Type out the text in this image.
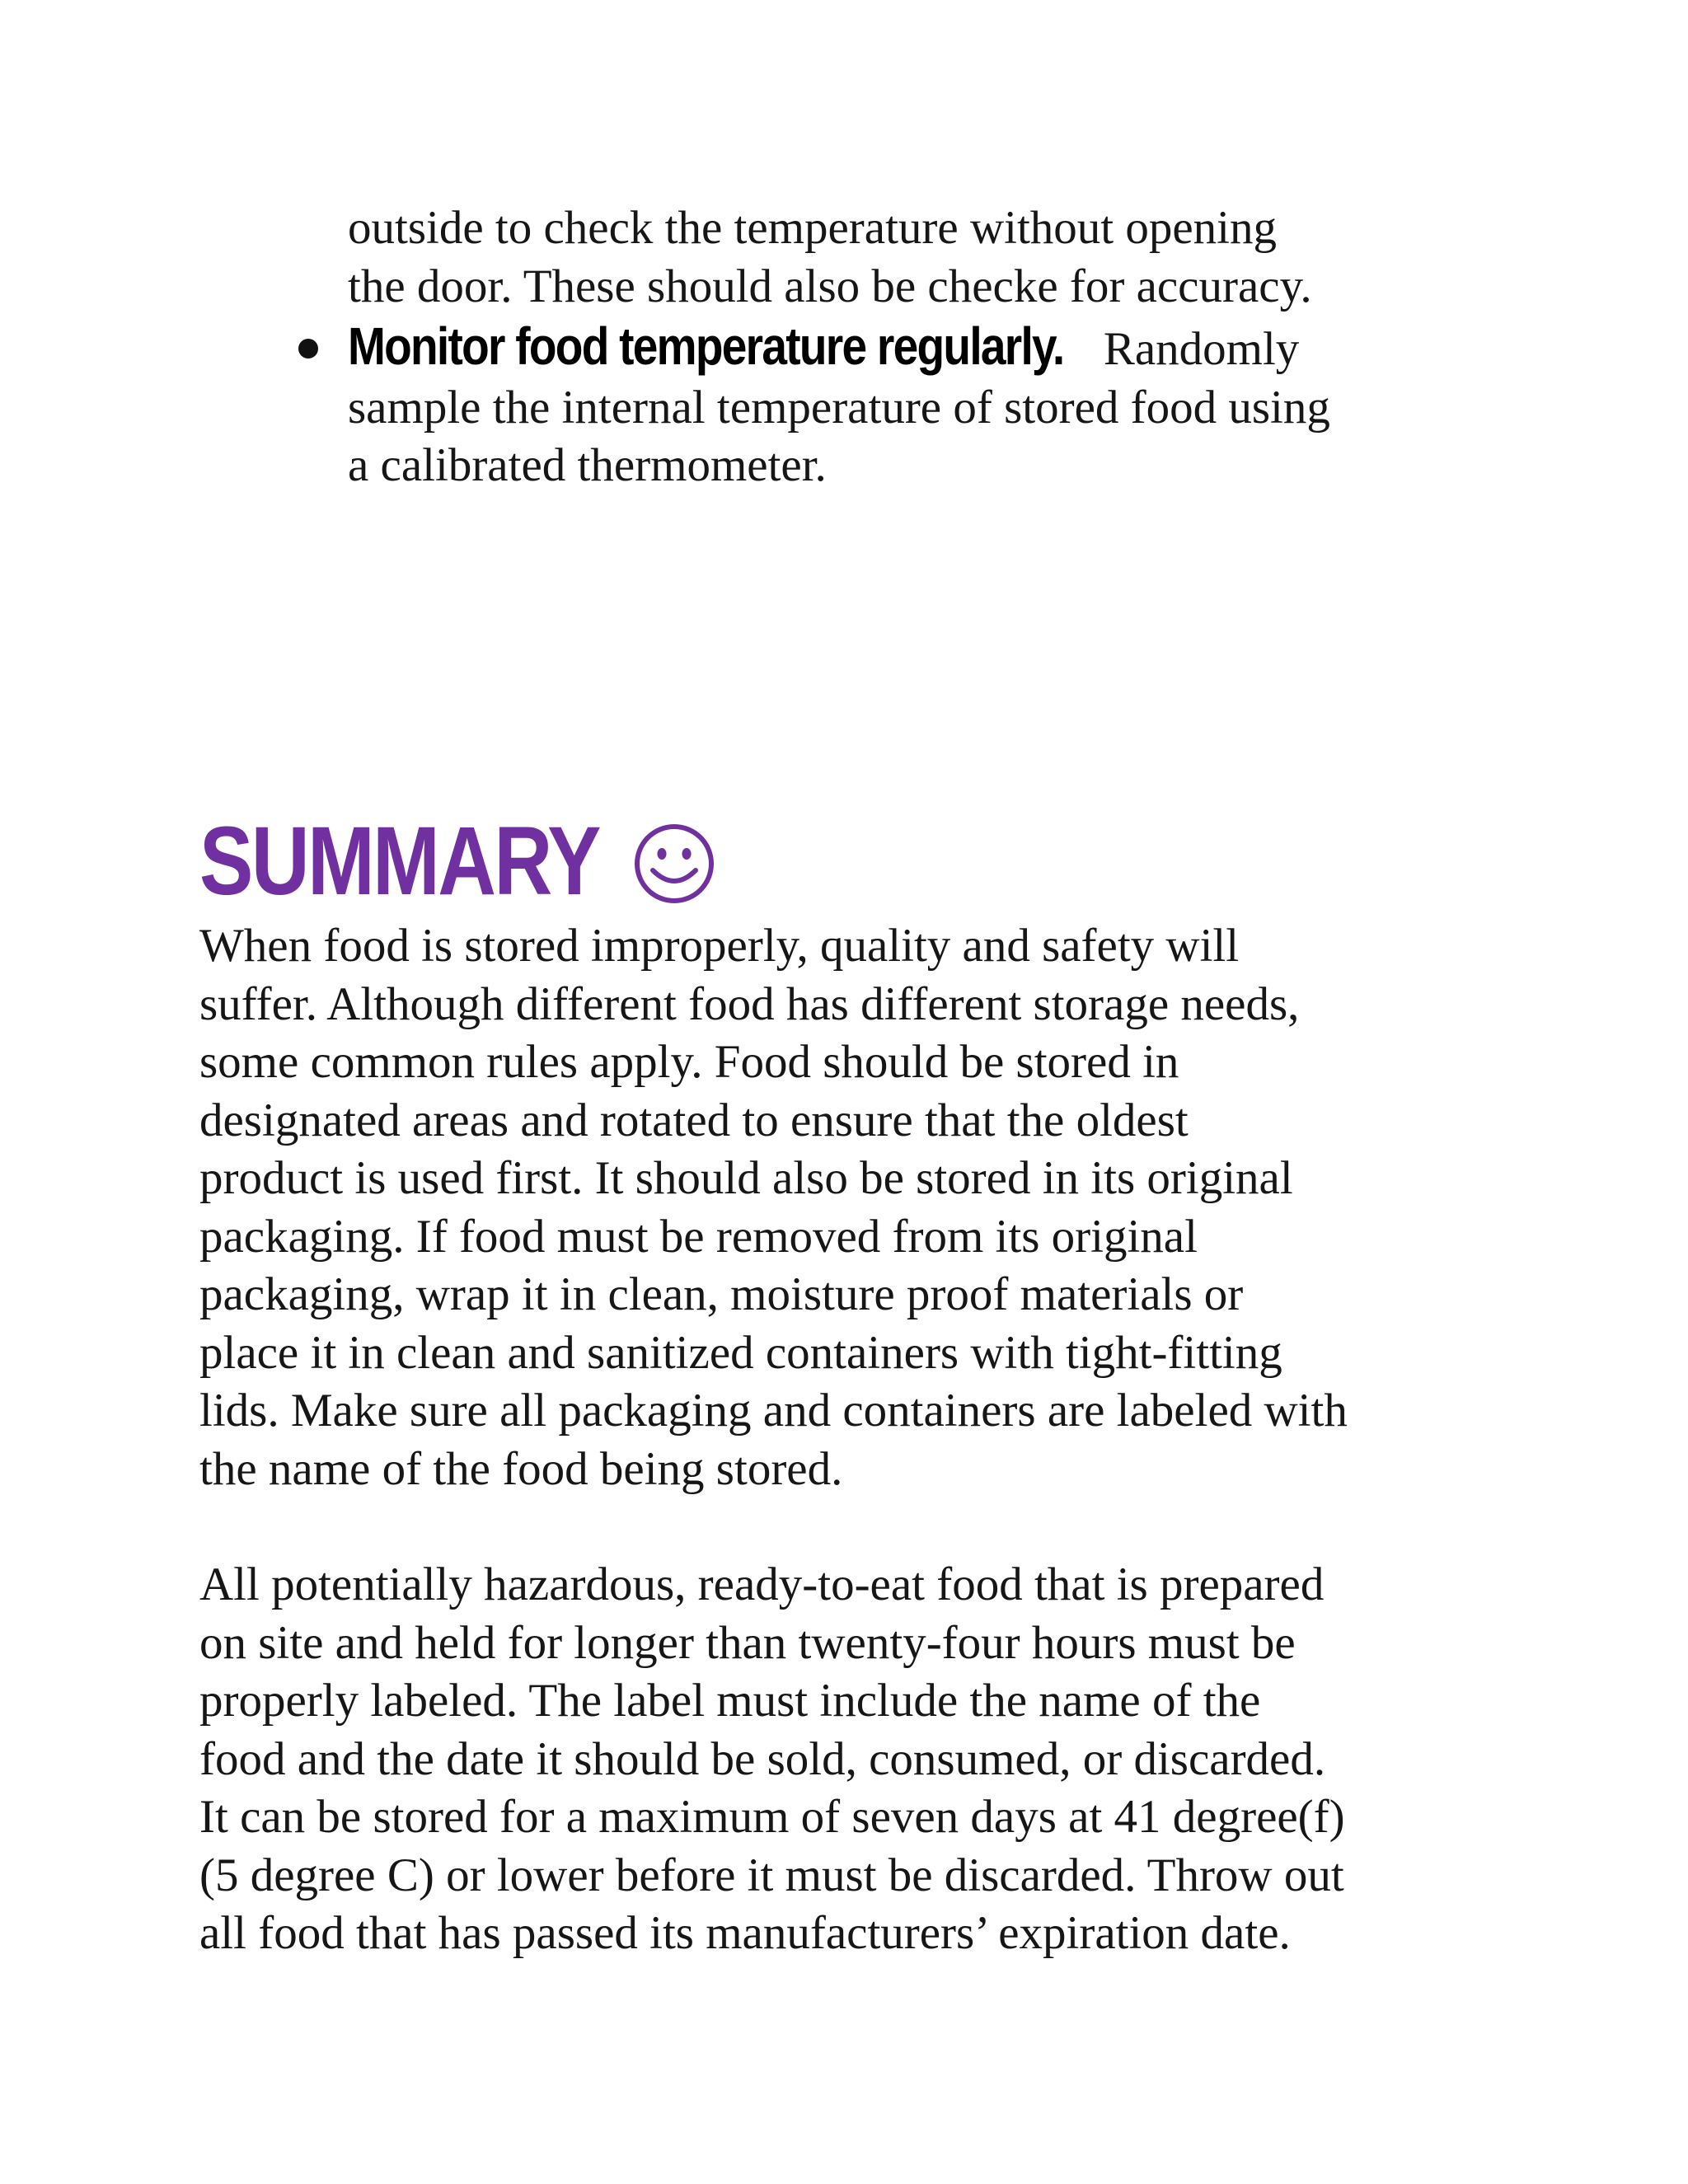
outside to check the temperature without opening
the door. These should also be checke for accuracy.
Monitor food temperature regularly. Randomly
sample the internal temperature of stored food using
a calibrated thermometer.
SUMMARY
When food is stored improperly, quality and safety will
suffer. Although different food has different storage needs,
some common rules apply. Food should be stored in
designated areas and rotated to ensure that the oldest
product is used first. It should also be stored in its original
packaging. If food must be removed from its original
packaging, wrap it in clean, moisture proof materials or
place it in clean and sanitized containers with tight-fitting
lids. Make sure all packaging and containers are labeled with
the name of the food being stored.
All potentially hazardous, ready-to-eat food that is prepared
on site and held for longer than twenty-four hours must be
properly labeled. The label must include the name of the
food and the date it should be sold, consumed, or discarded.
It can be stored for a maximum of seven days at 41 degree(f)
(5 degree C) or lower before it must be discarded. Throw out
all food that has passed its manufacturers’ expiration date.
